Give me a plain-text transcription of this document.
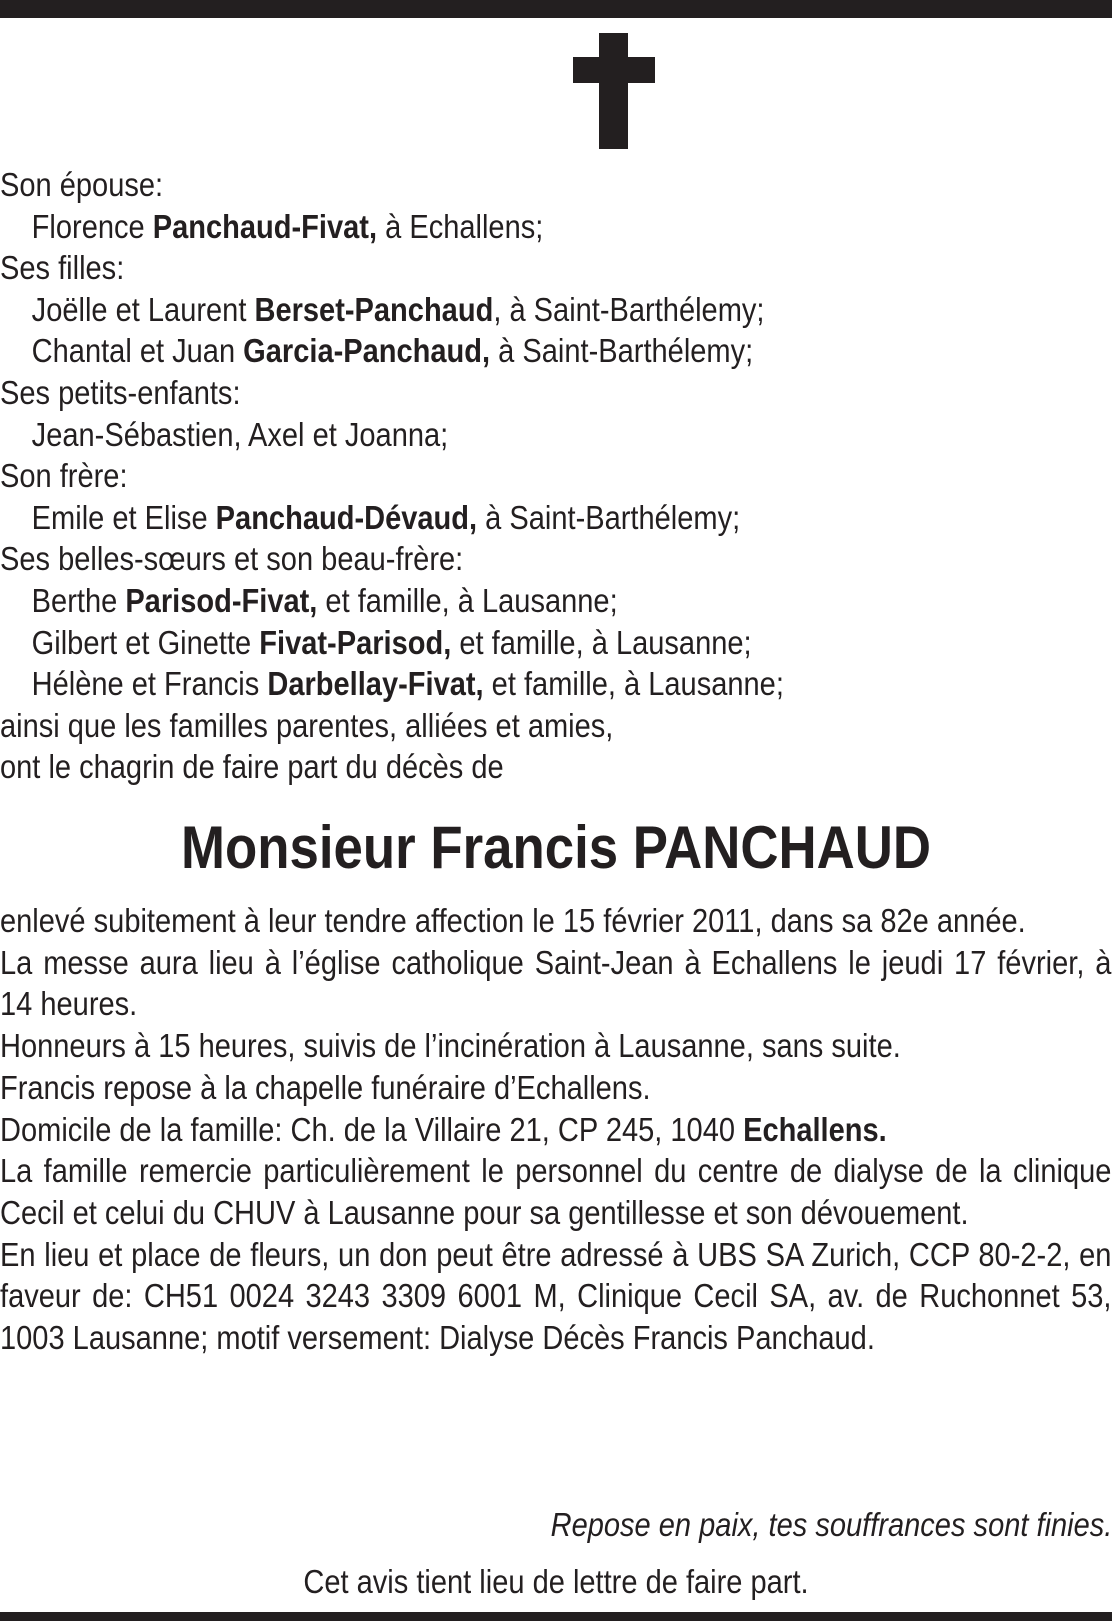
Son épouse:
Florence Panchaud-Fivat, à Echallens;
Ses filles:
Joëlle et Laurent Berset-Panchaud, à Saint-Barthélemy;
Chantal et Juan Garcia-Panchaud, à Saint-Barthélemy;
Ses petits-enfants:
Jean-Sébastien, Axel et Joanna;
Son frère:
Emile et Elise Panchaud-Dévaud, à Saint-Barthélemy;
Ses belles-sœurs et son beau-frère:
Berthe Parisod-Fivat, et famille, à Lausanne;
Gilbert et Ginette Fivat-Parisod, et famille, à Lausanne;
Hélène et Francis Darbellay-Fivat, et famille, à Lausanne;
ainsi que les familles parentes, alliées et amies,
ont le chagrin de faire part du décès de
Monsieur Francis PANCHAUD

enlevé subitement à leur tendre affection le 15 février 2011, dans sa 82e année.

La messe aura lieu à l’église catholique Saint-Jean à Echallens le jeudi 17 février, à 14 heures.

Honneurs à 15 heures, suivis de l’incinération à Lausanne, sans suite.

Francis repose à la chapelle funéraire d’Echallens.

Domicile de la famille: Ch. de la Villaire 21, CP 245, 1040 Echallens.

La famille remercie particulièrement le personnel du centre de dialyse de la clinique Cecil et celui du CHUV à Lausanne pour sa gentillesse et son dévouement.

En lieu et place de fleurs, un don peut être adressé à UBS SA Zurich, CCP 80-2-2, en faveur de: CH51 0024 3243 3309 6001 M, Clinique Cecil SA, av. de Ruchonnet 53, 1003 Lausanne; motif versement: Dialyse Décès Francis Panchaud.

Repose en paix, tes souffrances sont finies.
Cet avis tient lieu de lettre de faire part.
